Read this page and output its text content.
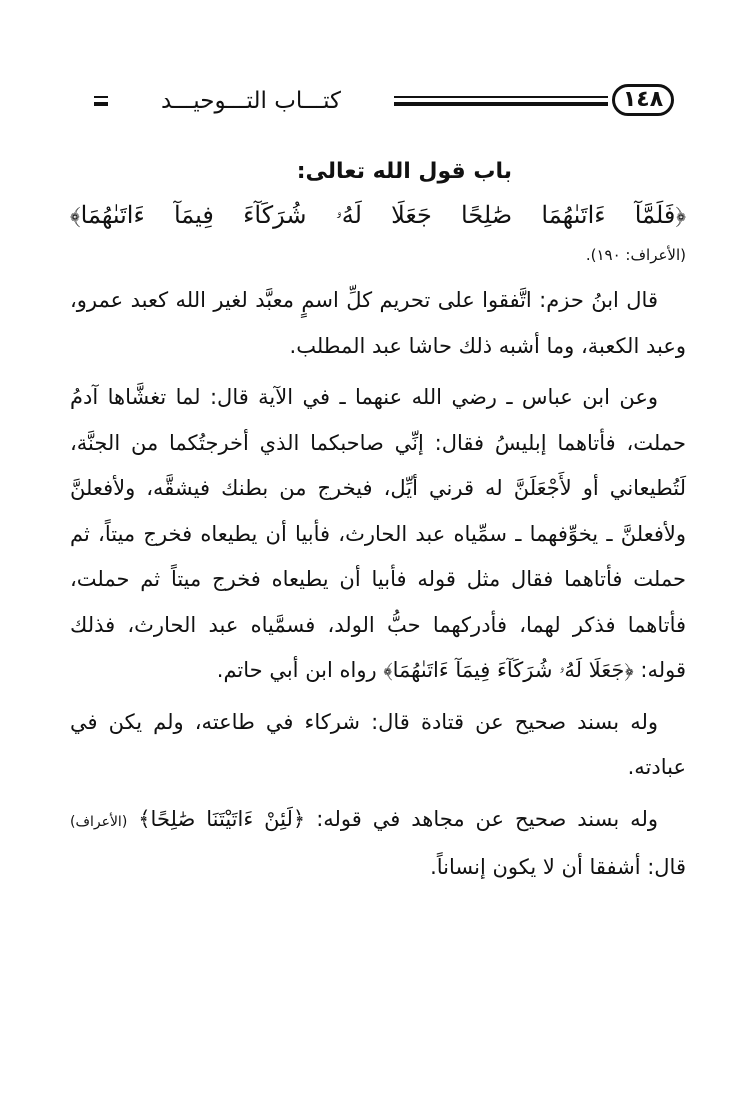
كتـــاب التـــوحيـــد	١٤٨
باب قول الله تعالى:

﴿فَلَمَّآ ءَاتَىٰهُمَا صَٰلِحًا جَعَلَا لَهُۥ شُرَكَآءَ فِيمَآ ءَاتَىٰهُمَا﴾

(الأعراف: ١٩٠).

قال ابنُ حزم: اتَّفقوا على تحريم كلِّ اسمٍ معبَّد لغير الله كعبد عمرو، وعبد الكعبة، وما أشبه ذلك حاشا عبد المطلب.

وعن ابن عباس ـ رضي الله عنهما ـ في الآية قال: لما تغشَّاها آدمُ حملت، فأتاهما إبليسُ فقال: إنِّي صاحبكما الذي أخرجتُكما من الجنَّة، لَتُطيعاني أو لأَجْعَلَنَّ له قرني أيِّل، فيخرج من بطنك فيشقَّه، ولأفعلنَّ ولأفعلنَّ ـ يخوِّفهما ـ سمِّياه عبد الحارث، فأبيا أن يطيعاه فخرج ميتاً، ثم حملت فأتاهما فقال مثل قوله فأبيا أن يطيعاه فخرج ميتاً ثم حملت، فأتاهما فذكر لهما، فأدركهما حبُّ الولد، فسمَّياه عبد الحارث، فذلك قوله: ﴿جَعَلَا لَهُۥ شُرَكَآءَ فِيمَآ ءَاتَىٰهُمَا﴾ رواه ابن أبي حاتم.

وله بسند صحيح عن قتادة قال: شركاء في طاعته، ولم يكن في عبادته.

وله بسند صحيح عن مجاهد في قوله: ﴿لَئِنْ ءَاتَيْتَنَا صَٰلِحًا﴾ (الأعراف) قال: أشفقا أن لا يكون إنساناً.
